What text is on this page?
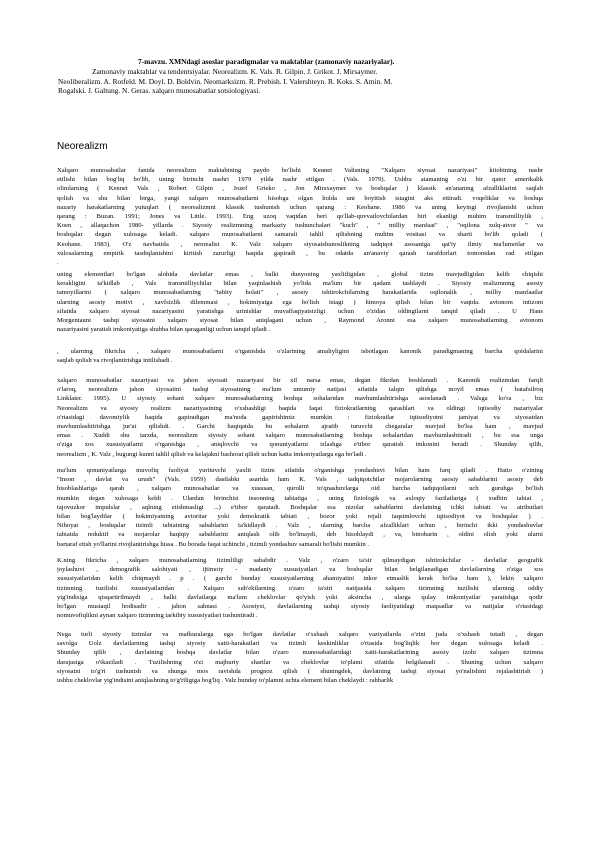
7-mavzu. XMNdagi asoslar paradigmalar va maktablar (zamonaviy nazariyalar).
Zamonaviy maktablar va tendentsiyalar. Neorealizm. K. Vals. R. Gilpin. J. Grikot. J. Mirsaymer.
Neoliberalizm. A. Rotfeld. M. Doyl. D. Boldvin. Neomarksizm. R. Prebish. I. Valershteyn. R. Koks. S. Amin. M.
Rogalski. J. Galtung. N. Geras. xalqaro munosabatlar sotsiologiyasi.
Neorealizm
Xalqaro munosabatlar fanida neorealizm maktabining paydo bo'lishi Kennet Valtsning "Xalqaro siyosat nazariyasi" kitobining nashr
etilishi bilan bog'liq bo'lib, uning birinchi nashri 1979 yilda nashr etilgan . (Vals. 1979). Ushbu atamaning o'zi bir qator amerikalik
olimlarning ( Kennet Vals , Robert Gilpin , Jozef Grieko , Jon Mirsxaymer va boshqalar ) klassik an'ananing afzalliklarini saqlab
qolish va shu bilan birga, yangi xalqaro munosabatlarni hisobga olgan holda uni boyitish istagini aks ettiradi. voqeliklar va boshqa
nazariy harakatlarning yutuqlari ( neorealizmni klassik tushunish uchun qarang : Keohane. 1986 va uning keyingi rivojlanishi uchun
qarang : Buzan. 1991; Jones va Little. 1993). Eng uzoq vaqtdan beri qo'llab-quvvatlovchilardan biri ekanligi muhim transmilliylik ,
Koen , allaqachon 1980- yillarda . Siyosiy realizmning markaziy tushunchalari "kuch" , " milliy manfaat" , "oqilona xulq-atvor " va
boshqalar degan xulosaga keladi. xalqaro munosabatlarni samarali tahlil qilishning muhim vositasi va sharti bo'lib qoladi (
Keohane. 1983). O'z navbatida , neorealist K. Valz xalqaro siyosatshunoslikning tadqiqot asosaniga qat'iy ilmiy ma'lumotlar va
xulosalarning empirik tasdiqlanishini kiritish zarurligi haqida gapiradi , bu odatda an'anaviy qarash tarafdorlari tomonidan rad etilgan
.
uning elementlari bo'lgan alohida davlatlar emas , balki dunyoning yaxlitligidan , global tizim mavjudligidan kelib chiqishi
kerakligini ta'kidlab , Vals transmilliychilar bilan yaqinlashish yo'lida ma'lum bir qadam tashlaydi . Siyosiy realizmning asosiy
tamoyillarini ( xalqaro munosabatlarning "tabiiy holati" , asosiy ishtirokchilarning harakatlarida oqilonalik , milliy manfaatlar
ularning asosiy motivi , xavfsizlik dilemmasi , hokimiyatga ega bo'lish istagi ) himoya qilish bilan bir vaqtda. avtonom intizom
sifatida xalqaro siyosat nazariyasini yaratishga urinishlar muvaffaqiyatsizligi uchun o'zidan oldingilarni tanqid qiladi . U Hans
Morgentauni tashqi siyosatni xalqaro siyosat bilan aniqlagani uchun , Raymond Aronni esa xalqaro munosabatlarning avtonom
nazariyasini yaratish imkoniyatiga shubha bilan qaraganligi uchun tanqid qiladi .
, ularning fikricha , xalqaro munosabatlarni o'rganishda o'zlarining amaliyligini isbotlagan kanonik paradigmaning barcha qoidalarini
saqlab qolish va rivojlantirishga intilishadi .
xalqaro munosabatlar nazariyasi va jahon siyosati nazariyasi bir xil narsa emas, degan fikrdan boshlanadi . Kanonik realizmdan farqli
o'laroq, neorealizm jahon siyosatini tashqi siyosatning ma'lum umumiy natijasi sifatida talqin qilishga moyil emas ( batafsilroq
Linklater. 1995). U siyosiy sohani xalqaro munosabatlarning boshqa sohalaridan mavhumlashtirishga asoslanadi . Valsga ko'ra , biz
Neorealizm va siyosiy realizm nazariyasining o'xshashligi haqida faqat fiziokratlarning qarashlari va oldingi iqtisodiy nazariyalar
o'rtasidagi davomiylik haqida gapiradigan ma'noda gapirishimiz mumkin : fiziokratlar iqtisodiyotni jamiyat va siyosatdan
mavhumlashtirishga jur'at qilishdi. . Garchi haqiqatda bu sohalarni ajratib turuvchi chegaralar mavjud bo'lsa ham , mavjud
emas . Xuddi shu tarzda, neorealizm siyosiy sohani xalqaro munosabatlarning boshqa sohalaridan mavhumlashtiradi , bu esa unga
o'ziga xos xususiyatlarni o'rganishga , aniqlovchi va qonuniyatlarni izlashga e'tibor qaratish imkonini beradi . Shunday qilib,
neorealizm , K. Valz , bugungi kunni tahlil qilish va kelajakni bashorat qilish uchun katta imkoniyatlarga ega bo'ladi .
ma'lum qonuniyatlarga muvofiq faoliyat yurituvchi yaxlit tizim sifatida o'rganishga yondashuvi bilan ham farq qiladi . Hatto o'zining
"Inson , davlat va urush" (Vals. 1959) dastlabki asarida ham K. Vals , tadqiqotchilar mojarolarning asosiy sabablarini asosiy deb
hisoblashlariga qarab , xalqaro munosabatlar va xususan, qurolli to'qnashuvlarga oid barcha tadqiqotlarni uch guruhga bo'lish
mumkin degan xulosaga keldi . Ulardan birinchisi insonning tabiatiga , uning fiziologik va axloqiy fazilatlariga ( xudbin tabiat ,
tajovuzkor impulslar , aqlning etishmasligi ...) e'tibor qaratadi. Boshqalar esa nizolar sabablarini davlatning ichki tabiati va atributlari
bilan bog'laydilar ( hokimiyatning avtoritar yoki demokratik tabiati , bozor yoki rejali taqsimlovchi iqtisodiyot va boshqalar ) .
Nihoyat , boshqalar tizimli tabiatning sabablarini ta'kidlaydi . Valz , ularning barcha afzalliklari uchun , birinchi ikki yondashuvlar
tabiatda reduktif va mojarolar haqiqiy sabablarini aniqlash olib bo'lmaydi, deb hisoblaydi , va, binobarin , oldini olish yoki ularni
bartaraf etish yo'llarini rivojlantirishga hissa . Bu borada faqat uchinchi , tizimli yondashuv samarali bo'lishi mumkin .
K.ning fikricha , xalqaro munosabatlarning tizimliligi sababdir . Valz , o'zaro ta'sir qilmaydigan ishtirokchilar - davlatlar geografik
joylashuvi , demografik salohiyati , ijtimoiy - madaniy xususiyatlari va boshqalar bilan belgilanadigan davlatlarning o'ziga xos
xususiyatlaridan kelib chiqmaydi . p . ( garchi bunday xususiyatlarning ahamiyatini inkor etmaslik kerak bo'lsa ham ), lekin xalqaro
tizimning tuzilishi xususiyatlaridan . Xalqaro sub'ektlarning o'zaro ta'siri natijasida xalqaro tizimning tuzilishi ularning oddiy
yig'indisiga qisqartirilmaydi , balki davlatlarga ma'lum cheklovlar qo'yish yoki aksincha , ularga qulay imkoniyatlar yaratishga qodir
bo'lgan mustaqil hodisadir . jahon sahnasi . Asosiysi, davlatlarning tashqi siyosiy faoliyatidagi maqsadlar va natijalar o'rtasidagi
nomuvofiqlikni aynan xalqaro tizimning tarkibiy xususiyatlari tushuntiradi .
Nega turli siyosiy tizimlar va mafkuralarga ega bo'lgan davlatlar o'xshash xalqaro vaziyatlarda o'zini juda o'xshash tutadi , degan
savolga Uolz davlatlarning tashqi siyosiy xatti-harakatlari va tizimli keskinliklar o'rtasida bog'liqlik bor degan xulosaga keladi .
Shunday qilib , davlatning boshqa davlatlar bilan o'zaro munosabatlaridagi xatti-harakatlarining asosiy izohi xalqaro tizimna
darajasiga o'tkaziladi . Tuzilishning o'zi majburiy shartlar va cheklovlar to'plami sifatida belgilanadi . Shuning uchun xalqaro
siyosatni to'g'ri tushunish va shunga mos ravishda prognoz qilish ( shuningdek, davlatning tashqi siyosat yo'nalishini rejalashtirish )
ushbu cheklovlar yig'indisini aniqlashning to'g'riligiga bog'liq . Valz bunday to'plamni uchta element bilan cheklaydi : rahbarlik
